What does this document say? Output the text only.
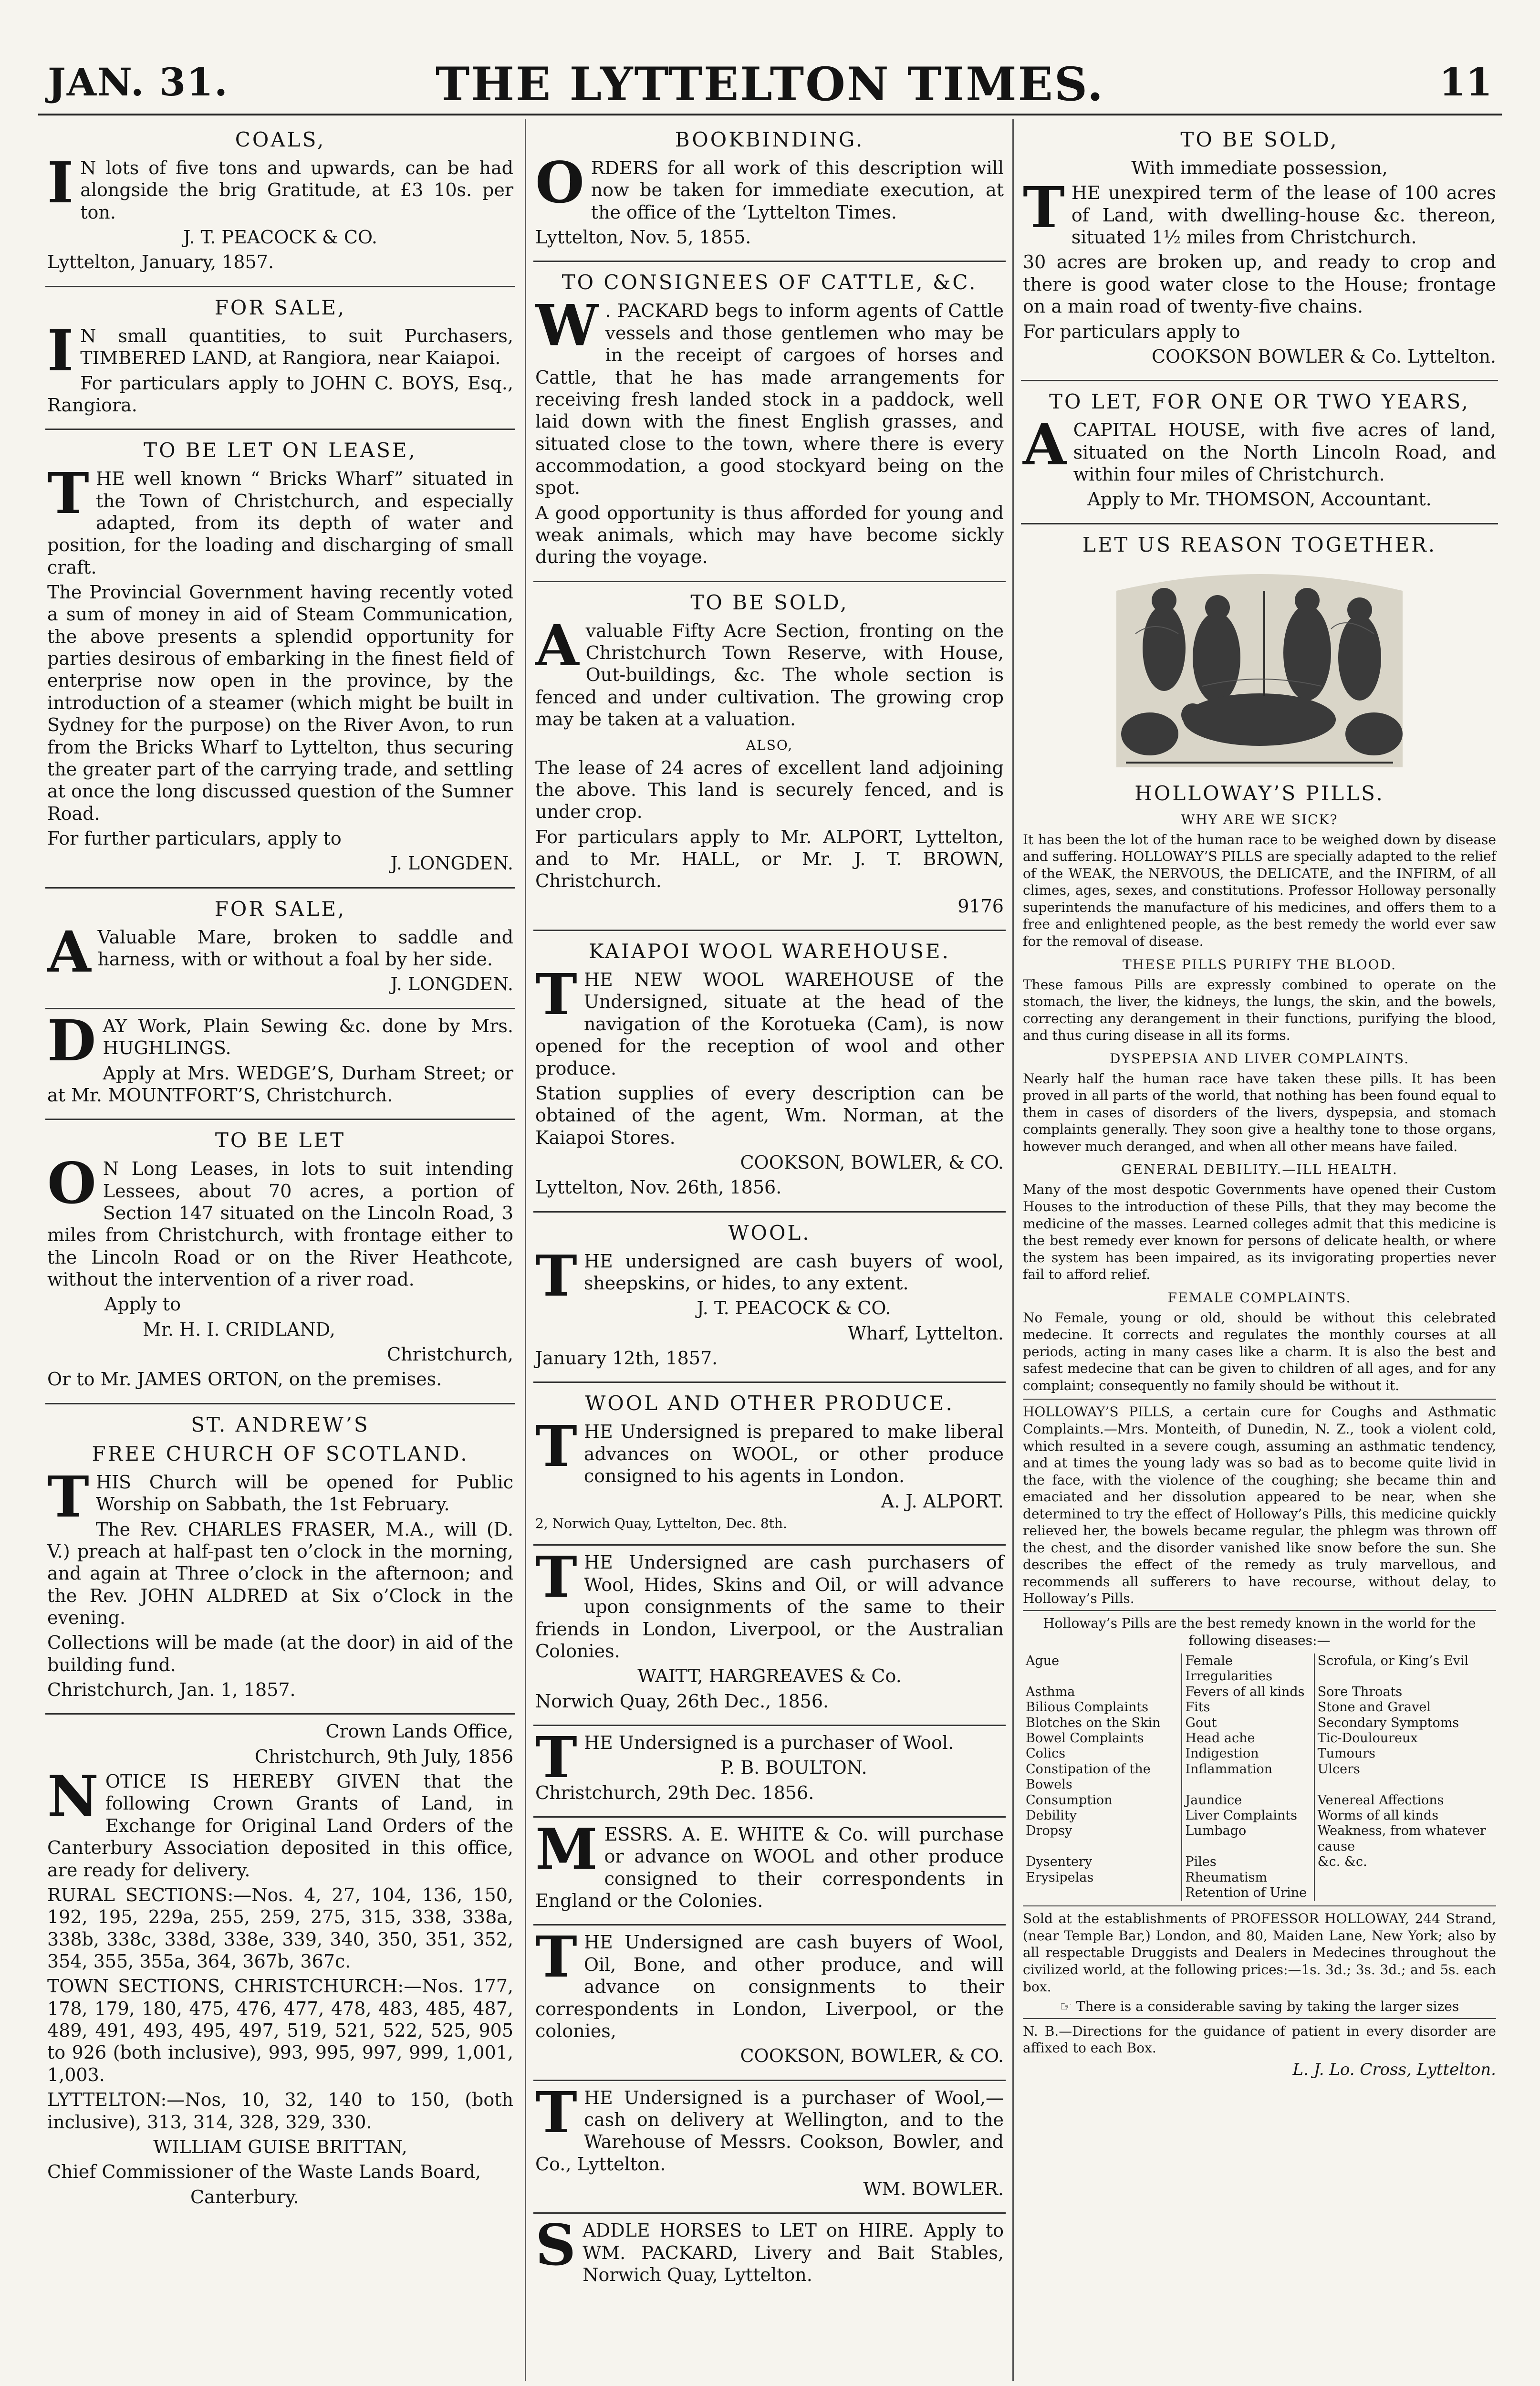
JAN. 31.	THE LYTTELTON TIMES.	11
COALS,

I N lots of five tons and upwards, can be had alongside the brig Gratitude, at £3 10s. per ton.

J. T. PEACOCK & CO.

Lyttelton, January, 1857.

FOR SALE,

I N small quantities, to suit Purchasers, TIMBERED LAND, at Rangiora, near Kaiapoi.

For particulars apply to JOHN C. BOYS, Esq., Rangiora.

TO BE LET ON LEASE,

THE well known “ Bricks Wharf” situated in the Town of Christchurch, and especially adapted, from its depth of water and position, for the loading and discharging of small craft.

The Provincial Government having recently voted a sum of money in aid of Steam Communication, the above presents a splendid opportunity for parties desirous of embarking in the finest field of enterprise now open in the province, by the introduction of a steamer (which might be built in Sydney for the purpose) on the River Avon, to run from the Bricks Wharf to Lyttelton, thus securing the greater part of the carrying trade, and settling at once the long discussed question of the Sumner Road.

For further particulars, apply to

J. LONGDEN.

FOR SALE,

A Valuable Mare, broken to saddle and harness, with or without a foal by her side.

J. LONGDEN.

DAY Work, Plain Sewing &c. done by Mrs. HUGHLINGS.

Apply at Mrs. WEDGE’S, Durham Street; or at Mr. MOUNTFORT’S, Christchurch.

TO BE LET

O N Long Leases, in lots to suit intending Lessees, about 70 acres, a portion of Section 147 situated on the Lincoln Road, 3 miles from Christchurch, with frontage either to the Lincoln Road or on the River Heathcote, without the intervention of a river road.

Apply to

Mr. H. I. CRIDLAND,

Christchurch,

Or to Mr. JAMES ORTON, on the premises.

ST. ANDREW’S
FREE CHURCH OF SCOTLAND.

THIS Church will be opened for Public Worship on Sabbath, the 1st February.

The Rev. CHARLES FRASER, M.A., will (D. V.) preach at half-past ten o’clock in the morning, and again at Three o’clock in the afternoon; and the Rev. JOHN ALDRED at Six o’Clock in the evening.

Collections will be made (at the door) in aid of the building fund.

Christchurch, Jan. 1, 1857.

Crown Lands Office,

Christchurch, 9th July, 1856

NOTICE IS HEREBY GIVEN that the following Crown Grants of Land, in Exchange for Original Land Orders of the Canterbury Association deposited in this office, are ready for delivery.

RURAL SECTIONS:—Nos. 4, 27, 104, 136, 150, 192, 195, 229a, 255, 259, 275, 315, 338, 338a, 338b, 338c, 338d, 338e, 339, 340, 350, 351, 352, 354, 355, 355a, 364, 367b, 367c.

TOWN SECTIONS, CHRISTCHURCH:—Nos. 177, 178, 179, 180, 475, 476, 477, 478, 483, 485, 487, 489, 491, 493, 495, 497, 519, 521, 522, 525, 905 to 926 (both inclusive), 993, 995, 997, 999, 1,001, 1,003.

LYTTELTON:—Nos, 10, 32, 140 to 150, (both inclusive), 313, 314, 328, 329, 330.

WILLIAM GUISE BRITTAN,

Chief Commissioner of the Waste Lands Board,

Canterbury.

BOOKBINDING.

ORDERS for all work of this description will now be taken for immediate execution, at the office of the ‘Lyttelton Times.

Lyttelton, Nov. 5, 1855.

TO CONSIGNEES OF CATTLE, &C.

W . PACKARD begs to inform agents of Cattle vessels and those gentlemen who may be in the receipt of cargoes of horses and Cattle, that he has made arrangements for receiving fresh landed stock in a paddock, well laid down with the finest English grasses, and situated close to the town, where there is every accommodation, a good stockyard being on the spot.

A good opportunity is thus afforded for young and weak animals, which may have become sickly during the voyage.

TO BE SOLD,

Avaluable Fifty Acre Section, fronting on the Christchurch Town Reserve, with House, Out-buildings, &c. The whole section is fenced and under cultivation. The growing crop may be taken at a valuation.

ALSO,

The lease of 24 acres of excellent land adjoining the above. This land is securely fenced, and is under crop.

For particulars apply to Mr. ALPORT, Lyttelton, and to Mr. HALL, or Mr. J. T. BROWN, Christchurch.

9176

KAIAPOI WOOL WAREHOUSE.

THE NEW WOOL WAREHOUSE of the Undersigned, situate at the head of the navigation of the Korotueka (Cam), is now opened for the reception of wool and other produce.

Station supplies of every description can be obtained of the agent, Wm. Norman, at the Kaiapoi Stores.

COOKSON, BOWLER, & CO.

Lyttelton, Nov. 26th, 1856.

WOOL.

THE undersigned are cash buyers of wool, sheepskins, or hides, to any extent.

J. T. PEACOCK & CO.

Wharf, Lyttelton.

January 12th, 1857.

WOOL AND OTHER PRODUCE.

THE Undersigned is prepared to make liberal advances on WOOL, or other produce consigned to his agents in London.

A. J. ALPORT.

2, Norwich Quay, Lyttelton, Dec. 8th.

THE Undersigned are cash purchasers of Wool, Hides, Skins and Oil, or will advance upon consignments of the same to their friends in London, Liverpool, or the Australian Colonies.

WAITT, HARGREAVES & Co.

Norwich Quay, 26th Dec., 1856.

THE Undersigned is a purchaser of Wool.

P. B. BOULTON.

Christchurch, 29th Dec. 1856.

MESSRS. A. E. WHITE & Co. will purchase or advance on WOOL and other produce consigned to their correspondents in England or the Colonies.

THE Undersigned are cash buyers of Wool, Oil, Bone, and other produce, and will advance on consignments to their correspondents in London, Liverpool, or the colonies,

COOKSON, BOWLER, & CO.

THE Undersigned is a purchaser of Wool,—cash on delivery at Wellington, and to the Warehouse of Messrs. Cookson, Bowler, and Co., Lyttelton.

WM. BOWLER.

SADDLE HORSES to LET on HIRE. Apply to WM. PACKARD, Livery and Bait Stables, Norwich Quay, Lyttelton.

TO BE SOLD,

With immediate possession,

THE unexpired term of the lease of 100 acres of Land, with dwelling-house &c. thereon, situated 1½ miles from Christchurch.

30 acres are broken up, and ready to crop and there is good water close to the House; frontage on a main road of twenty-five chains.

For particulars apply to

COOKSON BOWLER & Co. Lyttelton.

TO LET, FOR ONE OR TWO YEARS,

ACAPITAL HOUSE, with five acres of land, situated on the North Lincoln Road, and within four miles of Christchurch.

Apply to Mr. THOMSON, Accountant.

LET US REASON TOGETHER.
HOLLOWAY’S PILLS.
WHY ARE WE SICK?

It has been the lot of the human race to be weighed down by disease and suffering. HOLLOWAY’S PILLS are specially adapted to the relief of the WEAK, the NERVOUS, the DELICATE, and the INFIRM, of all climes, ages, sexes, and constitutions. Professor Holloway personally superintends the manufacture of his medicines, and offers them to a free and enlightened people, as the best remedy the world ever saw for the removal of disease.

THESE PILLS PURIFY THE BLOOD.

These famous Pills are expressly combined to operate on the stomach, the liver, the kidneys, the lungs, the skin, and the bowels, correcting any derangement in their functions, purifying the blood, and thus curing disease in all its forms.

DYSPEPSIA AND LIVER COMPLAINTS.

Nearly half the human race have taken these pills. It has been proved in all parts of the world, that nothing has been found equal to them in cases of disorders of the livers, dyspepsia, and stomach complaints generally. They soon give a healthy tone to those organs, however much deranged, and when all other means have failed.

GENERAL DEBILITY.—ILL HEALTH.

Many of the most despotic Governments have opened their Custom Houses to the introduction of these Pills, that they may become the medicine of the masses. Learned colleges admit that this medicine is the best remedy ever known for persons of delicate health, or where the system has been impaired, as its invigorating properties never fail to afford relief.

FEMALE COMPLAINTS.

No Female, young or old, should be without this celebrated medecine. It corrects and regulates the monthly courses at all periods, acting in many cases like a charm. It is also the best and safest medecine that can be given to children of all ages, and for any complaint; consequently no family should be without it.

HOLLOWAY’S PILLS, a certain cure for Coughs and Asthmatic Complaints.—Mrs. Monteith, of Dunedin, N. Z., took a violent cold, which resulted in a severe cough, assuming an asthmatic tendency, and at times the young lady was so bad as to become quite livid in the face, with the violence of the coughing; she became thin and emaciated and her dissolution appeared to be near, when she determined to try the effect of Holloway’s Pills, this medicine quickly relieved her, the bowels became regular, the phlegm was thrown off the chest, and the disorder vanished like snow before the sun. She describes the effect of the remedy as truly marvellous, and recommends all sufferers to have recourse, without delay, to Holloway’s Pills.

Holloway’s Pills are the best remedy known in the world for the following diseases:—

Ague	Female Irregularities	Scrofula, or King’s Evil
Asthma	Fevers of all kinds	Sore Throats
Bilious Complaints	Fits	Stone and Gravel
Blotches on the Skin	Gout	Secondary Symptoms
Bowel Complaints	Head ache	Tic-Douloureux
Colics	Indigestion	Tumours
Constipation of the Bowels	Inflammation	Ulcers
Consumption	Jaundice	Venereal Affections
Debility	Liver Complaints	Worms of all kinds
Dropsy	Lumbago	Weakness, from whatever cause
Dysentery	Piles	&c. &c.
Erysipelas	Rheumatism	
	Retention of Urine	

Sold at the establishments of PROFESSOR HOLLOWAY, 244 Strand, (near Temple Bar,) London, and 80, Maiden Lane, New York; also by all respectable Druggists and Dealers in Medecines throughout the civilized world, at the following prices:—1s. 3d.; 3s. 3d.; and 5s. each box.

☞ There is a considerable saving by taking the larger sizes

N. B.—Directions for the guidance of patient in every disorder are affixed to each Box.

L. J. Lo. Cross, Lyttelton.
